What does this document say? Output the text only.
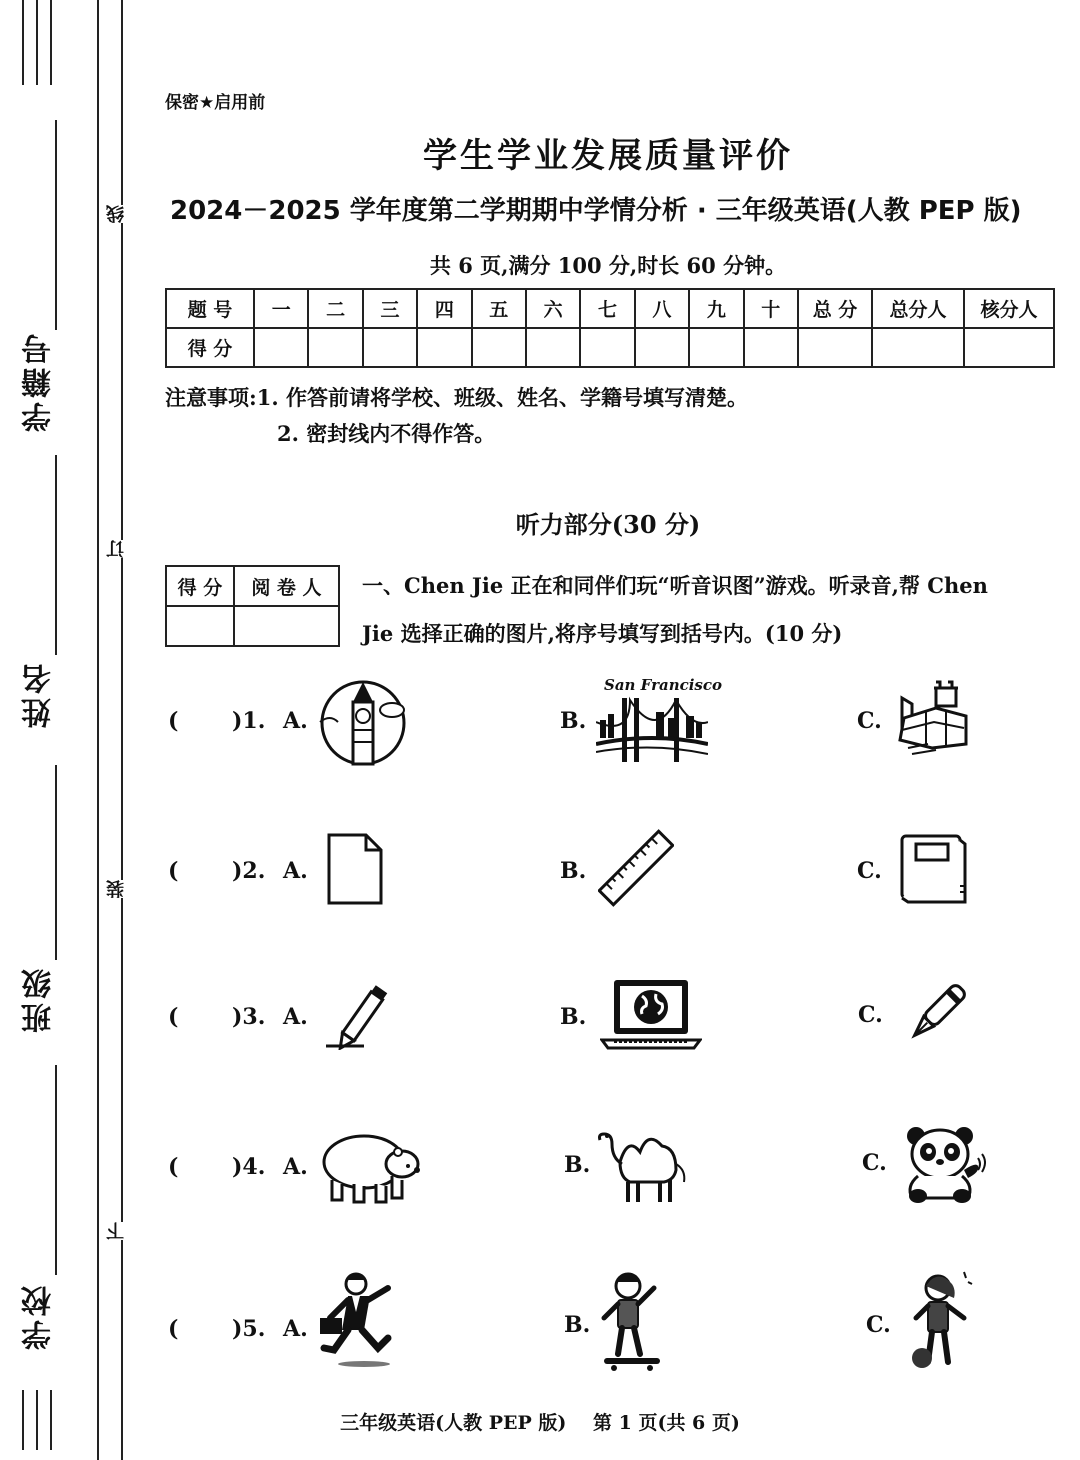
学籍号
姓名
班级
学校
线
订
装
下
保密★启用前
学生学业发展质量评价
2024－2025 学年度第二学期期中学情分析 · 三年级英语(人教 PEP 版)
共 6 页,满分 100 分,时长 60 分钟。
题 号	一	二	三	四	五	六	七	八	九	十	总 分	总分人	核分人
得 分													
注意事项:1. 作答前请将学校、班级、姓名、学籍号填写清楚。
2. 密封线内不得作答。
听力部分(30 分)
得 分	阅 卷 人
	一、Chen Jie 正在和同伴们玩“听音识图”游戏。听录音,帮 Chen
Jie 选择正确的图片,将序号填写到括号内。(10 分)
( )1. A.	B.
San Francisco
C.
( )2. A.	B.	C.
( )3. A.	B.	C.
( )4. A.	B.	C.
( )5. A.	B.	C.
三年级英语(人教 PEP 版) 第 1 页(共 6 页)
